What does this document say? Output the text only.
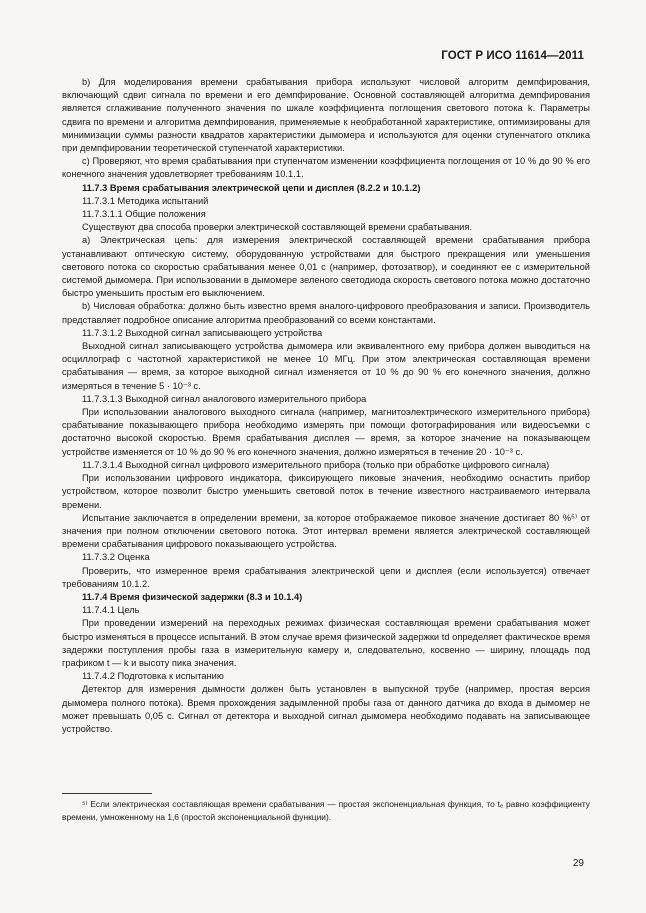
ГОСТ Р ИСО 11614—2011

b) Для моделирования времени срабатывания прибора используют числовой алгоритм демпфирования, включающий сдвиг сигнала по времени и его демпфирование. Основной составляющей алгоритма демпфирования является сглаживание полученного значения по шкале коэффициента поглощения светового потока k. Параметры сдвига по времени и алгоритма демпфирования, применяемые к необработанной характеристике, оптимизированы для минимизации суммы разности квадратов характеристики дымомера и используются для оценки ступенчатого отклика при демпфировании теоретической ступенчатой характеристики.

c) Проверяют, что время срабатывания при ступенчатом изменении коэффициента поглощения от 10 % до 90 % его конечного значения удовлетворяет требованиям 10.1.1.

11.7.3 Время срабатывания электрической цепи и дисплея (8.2.2 и 10.1.2)

11.7.3.1 Методика испытаний

11.7.3.1.1 Общие положения

Существуют два способа проверки электрической составляющей времени срабатывания.

a) Электрическая цепь: для измерения электрической составляющей времени срабатывания прибора устанавливают оптическую систему, оборудованную устройствами для быстрого прекращения или уменьшения светового потока со скоростью срабатывания менее 0,01 с (например, фотозатвор), и соединяют ее с измерительной системой дымомера. При использовании в дымомере зеленого светодиода скорость светового потока можно достаточно быстро уменьшить простым его выключением.

b) Числовая обработка: должно быть известно время аналого-цифрового преобразования и записи. Производитель представляет подробное описание алгоритма преобразований со всеми константами.

11.7.3.1.2 Выходной сигнал записывающего устройства

Выходной сигнал записывающего устройства дымомера или эквивалентного ему прибора должен выводиться на осциллограф с частотной характеристикой не менее 10 МГц. При этом электрическая составляющая времени срабатывания — время, за которое выходной сигнал изменяется от 10 % до 90 % его конечного значения, должно измеряться в течение 5 · 10⁻³ с.

11.7.3.1.3 Выходной сигнал аналогового измерительного прибора

При использовании аналогового выходного сигнала (например, магнитоэлектрического измерительного прибора) срабатывание показывающего прибора необходимо измерять при помощи фотографирования или видеосъемки с достаточно высокой скоростью. Время срабатывания дисплея — время, за которое значение на показывающем устройстве изменяется от 10 % до 90 % его конечного значения, должно измеряться в течение 20 · 10⁻³ с.

11.7.3.1.4 Выходной сигнал цифрового измерительного прибора (только при обработке цифрового сигнала)

При использовании цифрового индикатора, фиксирующего пиковые значения, необходимо оснастить прибор устройством, которое позволит быстро уменьшить световой поток в течение известного настраиваемого интервала времени.

Испытание заключается в определении времени, за которое отображаемое пиковое значение достигает 80 %⁵⁾ от значения при полном отключении светового потока. Этот интервал времени является электрической составляющей времени срабатывания цифрового показывающего устройства.

11.7.3.2 Оценка

Проверить, что измеренное время срабатывания электрической цепи и дисплея (если используется) отвечает требованиям 10.1.2.

11.7.4 Время физической задержки (8.3 и 10.1.4)

11.7.4.1 Цель

При проведении измерений на переходных режимах физическая составляющая времени срабатывания может быстро изменяться в процессе испытаний. В этом случае время физической задержки td определяет фактическое время задержки поступления пробы газа в измерительную камеру и, следовательно, косвенно — ширину, площадь под графиком t — k и высоту пика значения.

11.7.4.2 Подготовка к испытанию

Детектор для измерения дымности должен быть установлен в выпускной трубе (например, простая версия дымомера полного потока). Время прохождения задымленной пробы газа от данного датчика до входа в дымомер не может превышать 0,05 с. Сигнал от детектора и выходной сигнал дымомера необходимо подавать на записывающее устройство.

⁵⁾ Если электрическая составляющая времени срабатывания — простая экспоненциальная функция, то tₑ равно коэффициенту времени, умноженному на 1,6 (простой экспоненциальной функции).

29
